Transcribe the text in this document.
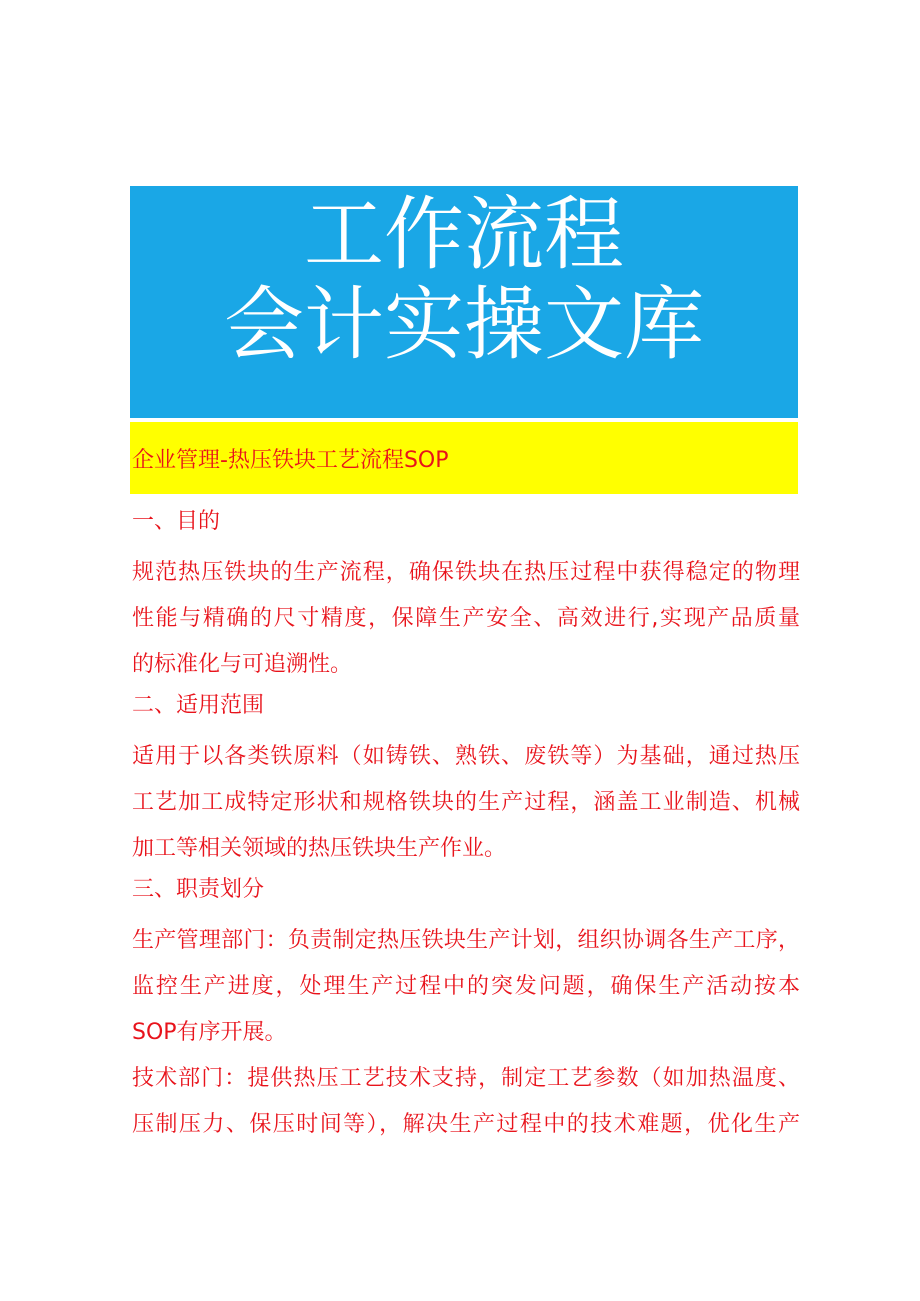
工作流程
会计实操文库
企业管理-热压铁块工艺流程SOP
一、目的
规范热压铁块的生产流程，确保铁块在热压过程中获得稳定的物理
性能与精确的尺寸精度，保障生产安全、高效进行,实现产品质量
的标准化与可追溯性。
二、适用范围
适用于以各类铁原料（如铸铁、熟铁、废铁等）为基础，通过热压
工艺加工成特定形状和规格铁块的生产过程，涵盖工业制造、机械
加工等相关领域的热压铁块生产作业。
三、职责划分
生产管理部门：负责制定热压铁块生产计划，组织协调各生产工序，
监控生产进度，处理生产过程中的突发问题，确保生产活动按本
SOP有序开展。
技术部门：提供热压工艺技术支持，制定工艺参数（如加热温度、
压制压力、保压时间等），解决生产过程中的技术难题，优化生产
